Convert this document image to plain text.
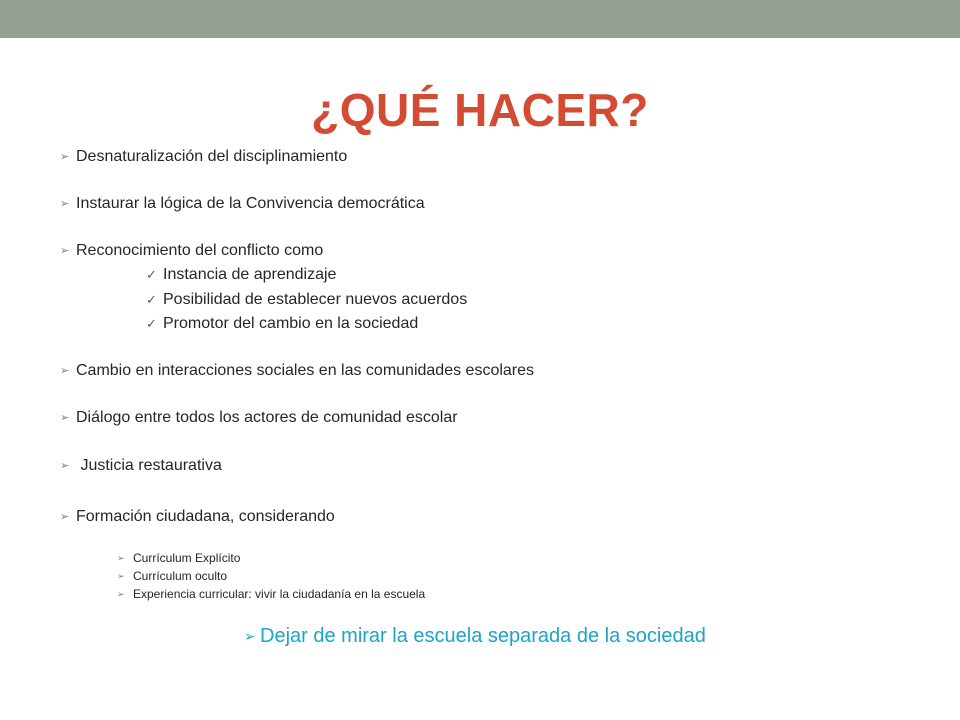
¿QUÉ HACER?
➢ Desnaturalización del disciplinamiento
➢ Instaurar la lógica de la Convivencia democrática
➢ Reconocimiento del conflicto como
✓ Instancia de aprendizaje
✓ Posibilidad de establecer nuevos acuerdos
✓ Promotor del cambio en la sociedad
➢ Cambio en interacciones sociales en las comunidades escolares
➢ Diálogo entre todos los actores de comunidad escolar
➢ Justicia restaurativa
➢ Formación ciudadana, considerando
➢ Currículum Explícito
➢ Currículum oculto
➢ Experiencia curricular: vivir la ciudadanía en la escuela
➢ Dejar de mirar la escuela separada de la sociedad
